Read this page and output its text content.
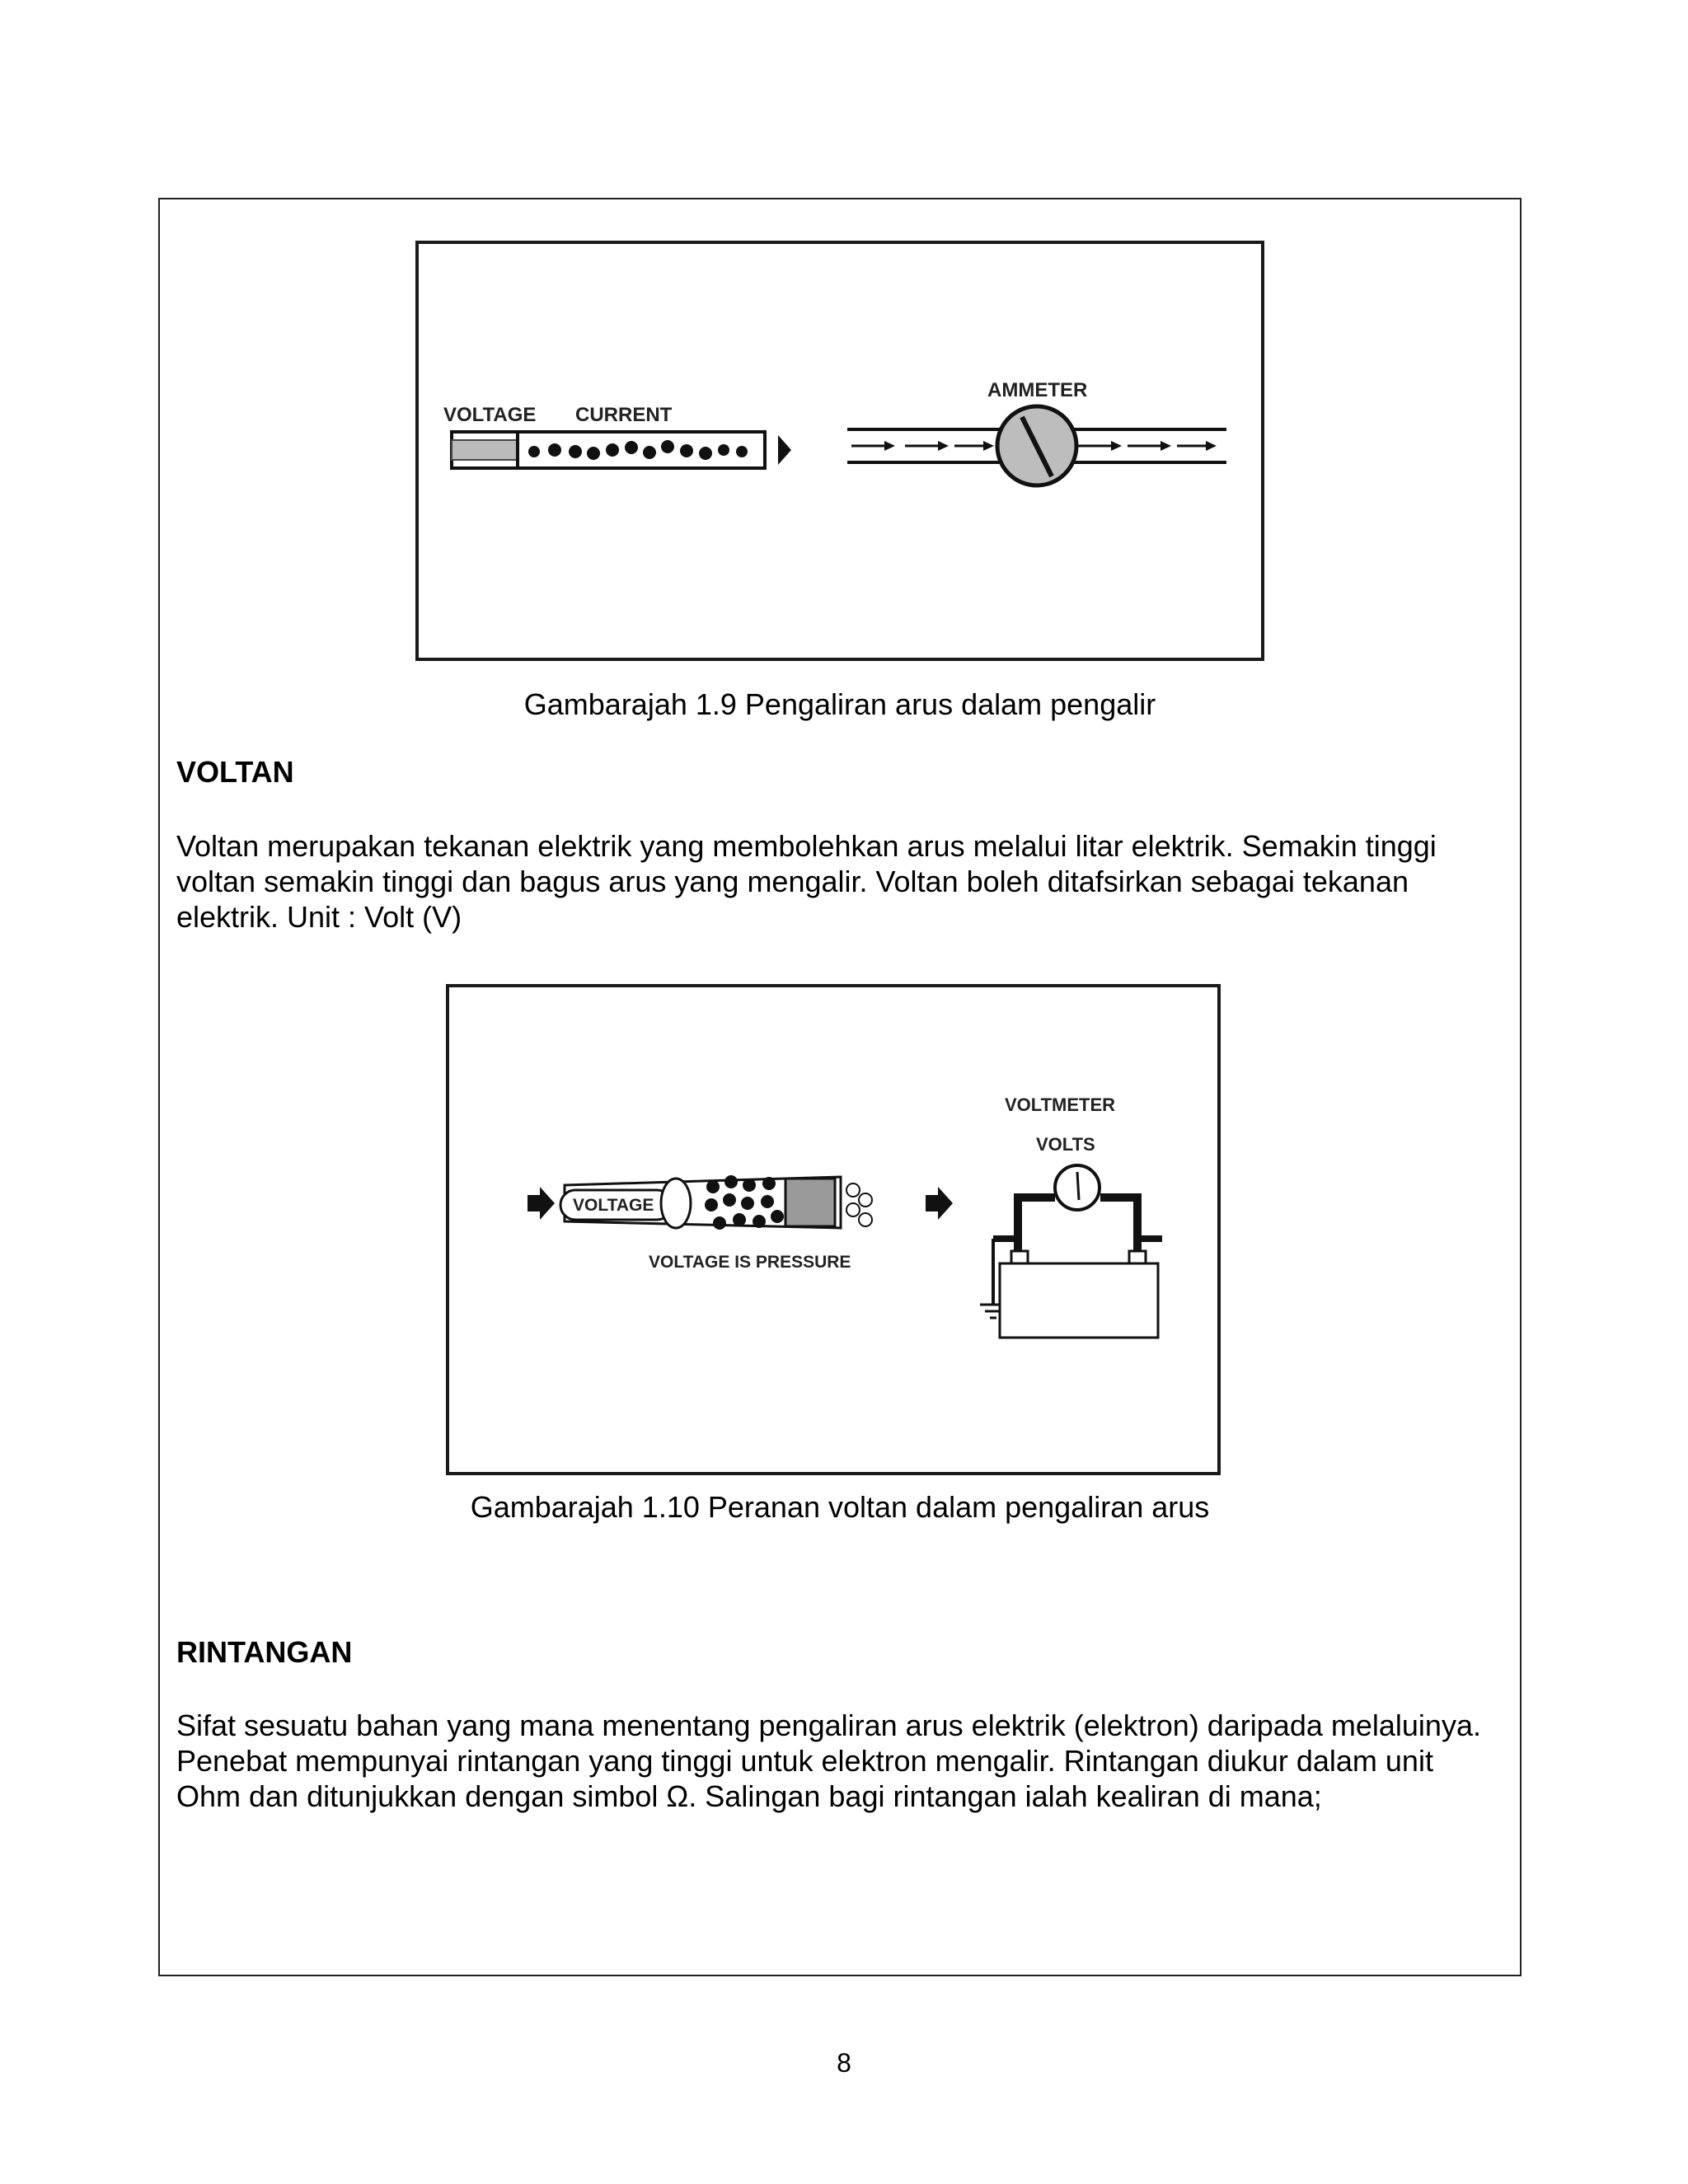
VOLTAGE CURRENT
AMMETER
Gambarajah 1.9 Pengaliran arus dalam pengalir
VOLTAN
Voltan merupakan tekanan elektrik yang membolehkan arus melalui litar elektrik. Semakin tinggi
voltan semakin tinggi dan bagus arus yang mengalir. Voltan boleh ditafsirkan sebagai tekanan
elektrik. Unit : Volt (V)
VOLTMETER
VOLTS
VOLTAGE
VOLTAGE IS PRESSURE
Gambarajah 1.10 Peranan voltan dalam pengaliran arus
RINTANGAN
Sifat sesuatu bahan yang mana menentang pengaliran arus elektrik (elektron) daripada melaluinya.
Penebat mempunyai rintangan yang tinggi untuk elektron mengalir. Rintangan diukur dalam unit
Ohm dan ditunjukkan dengan simbol Ω. Salingan bagi rintangan ialah kealiran di mana;
8
